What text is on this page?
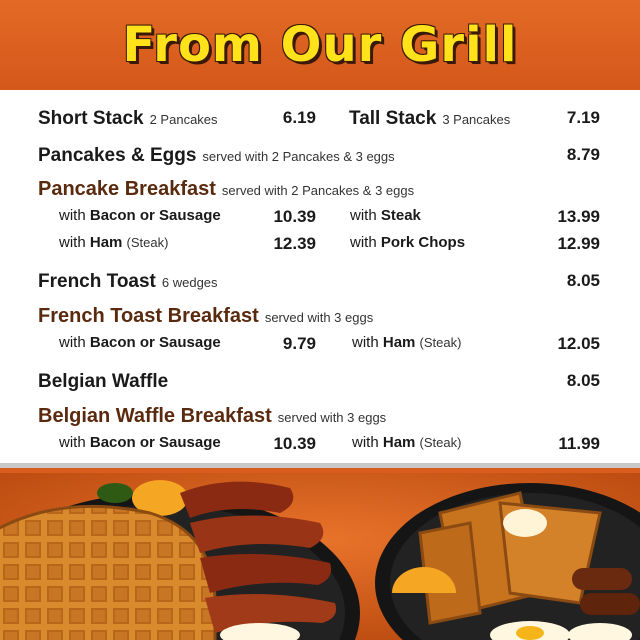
From Our Grill
Short Stack 2 Pancakes	6.19 Tall Stack 3 Pancakes	7.19
Pancakes & Eggs served with 2 Pancakes & 3 eggs	8.79
Pancake Breakfast served with 2 Pancakes & 3 eggs
with Bacon or Sausage	10.39 with Steak	13.99
with Ham (Steak)	12.39 with Pork Chops	12.99
French Toast 6 wedges	8.05
French Toast Breakfast served with 3 eggs
with Bacon or Sausage	9.79 with Ham (Steak)	12.05
Belgian Waffle	8.05
Belgian Waffle Breakfast served with 3 eggs
with Bacon or Sausage	10.39 with Ham (Steak)	11.99
